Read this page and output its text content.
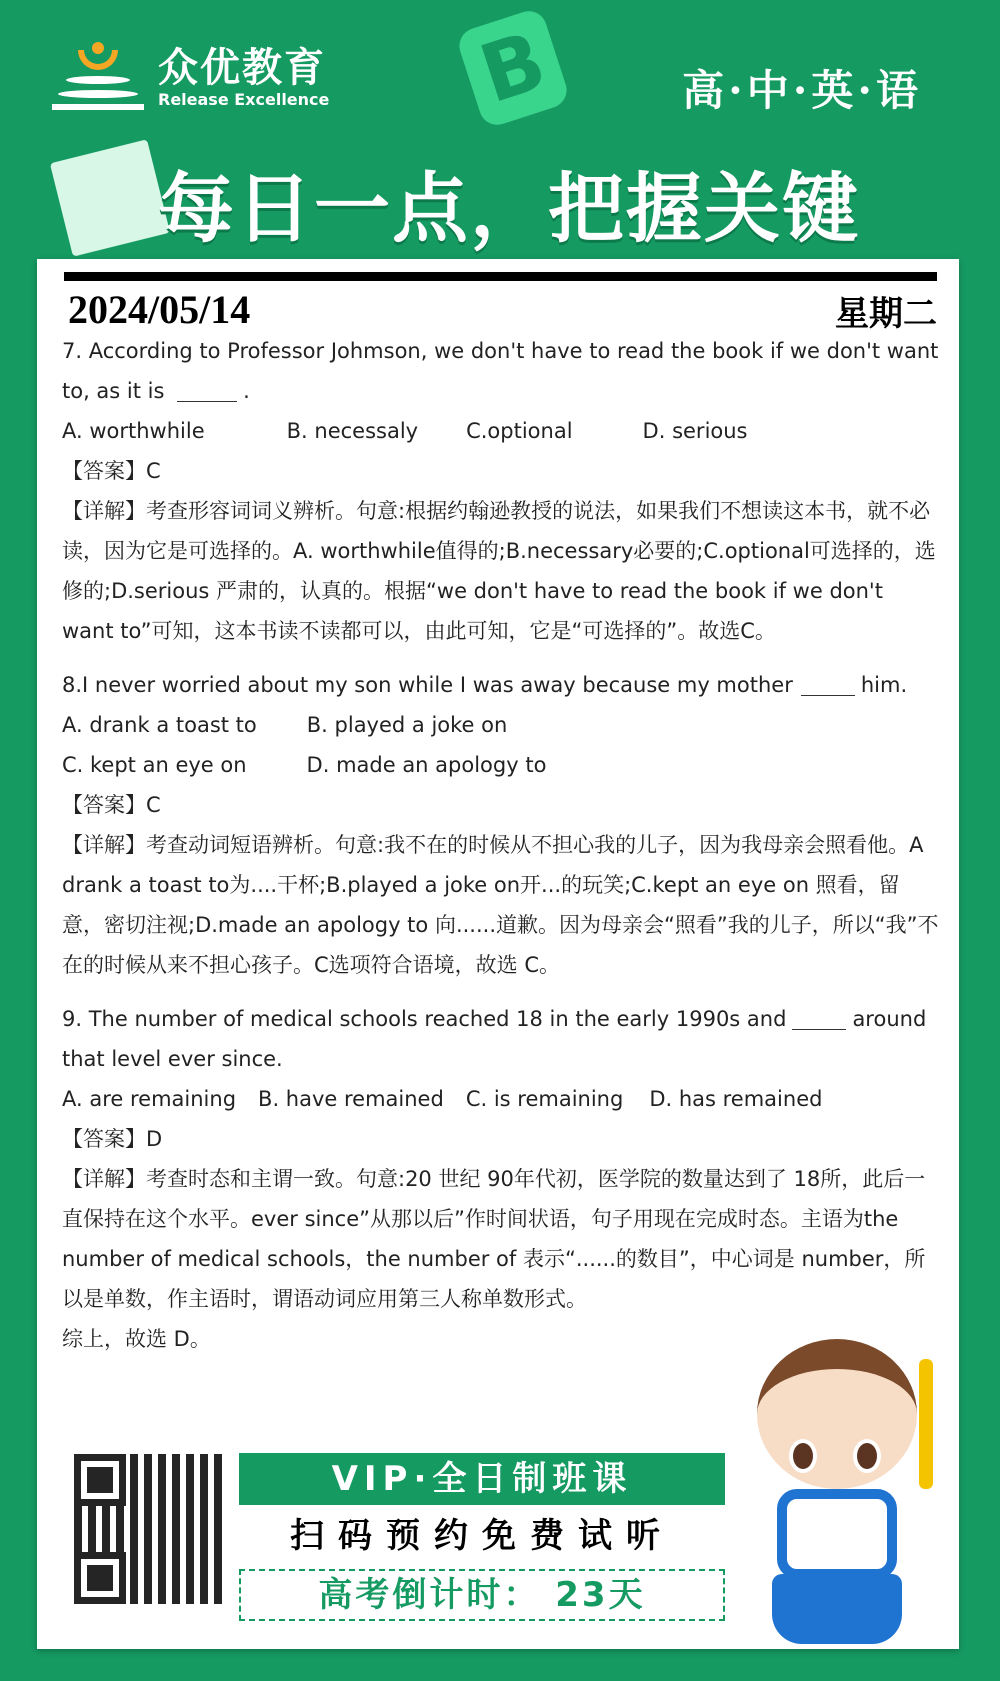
众优教育
Release Excellence B	高·中·英·语
每日一点，把握关键
2024/05/14	星期二
7. According to Professor Johmson, we don't have to read the book if we don't want to, as it is	.
A. worthwhile	B. necessaly C.optional	D. serious
【答案】C
【详解】考查形容词词义辨析。句意:根据约翰逊教授的说法，如果我们不想读这本书，就不必读，因为它是可选择的。A. worthwhile值得的;B.necessary必要的;C.optional可选择的，选修的;D.serious 严肃的，认真的。根据“we don't have to read the book if we don't want to”可知，这本书读不读都可以，由此可知，它是“可选择的”。故选C。
8.I never worried about my son while I was away because my mother	him.
A. drank a toast to B. played a joke on
C. kept an eye on	D. made an apology to
【答案】C
【详解】考查动词短语辨析。句意:我不在的时候从不担心我的儿子，因为我母亲会照看他。A drank a toast to为....干杯;B.played a joke on开...的玩笑;C.kept an eye on 照看，留意，密切注视;D.made an apology to 向......道歉。因为母亲会“照看”我的儿子，所以“我”不在的时候从来不担心孩子。C选项符合语境，故选 C。
9. The number of medical schools reached 18 in the early 1990s and	around that level ever since.
A. are remaining B. have remained C. is remaining D. has remained
【答案】D
【详解】考查时态和主谓一致。句意:20 世纪 90年代初，医学院的数量达到了 18所，此后一直保持在这个水平。ever since”从那以后”作时间状语，句子用现在完成时态。主语为the number of medical schools，the number of 表示“......的数目”，中心词是 number，所以是单数，作主语时，谓语动词应用第三人称单数形式。
综上，故选 D。
VIP·全日制班课
扫码预约免费试听
高考倒计时： 23天
